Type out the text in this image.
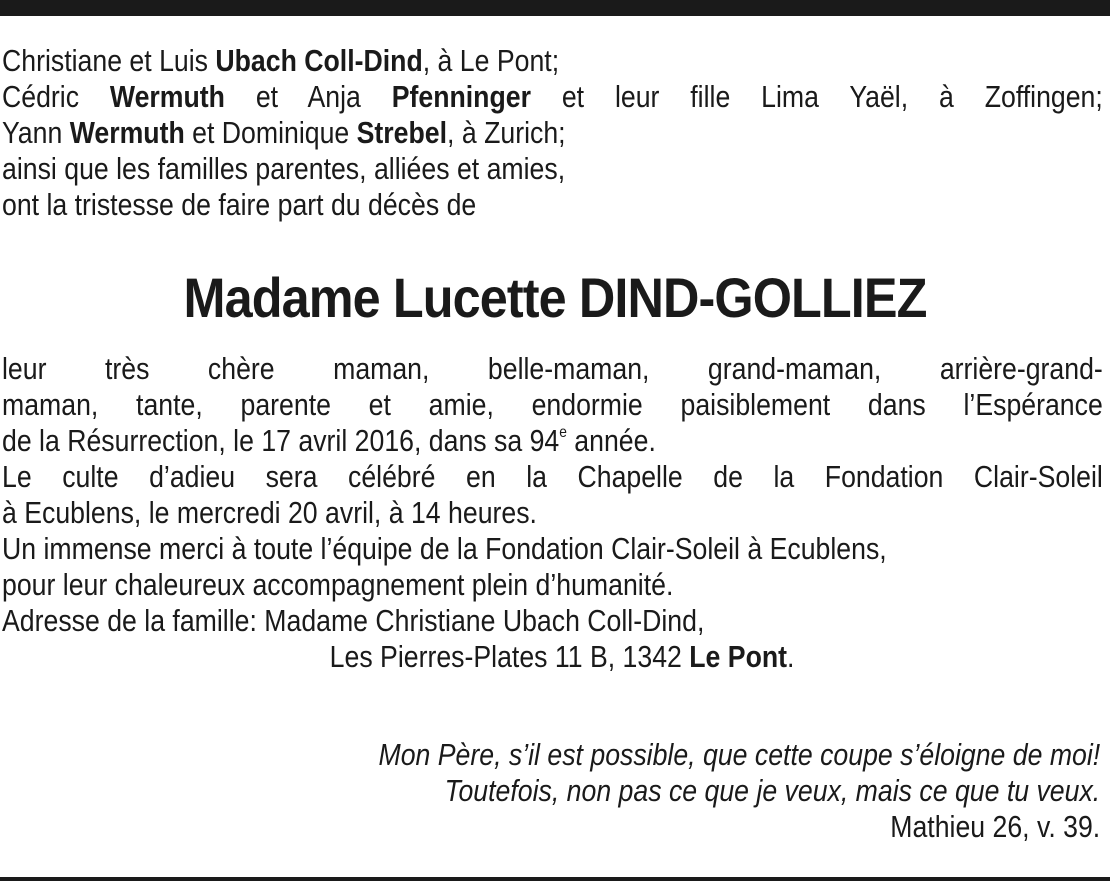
Christiane et Luis Ubach Coll-Dind, à Le Pont;
Cédric Wermuth et Anja Pfenninger et leur fille Lima Yaël, à Zoffingen;
Yann Wermuth et Dominique Strebel, à Zurich;
ainsi que les familles parentes, alliées et amies,
ont la tristesse de faire part du décès de
Madame Lucette DIND-GOLLIEZ
leur très chère maman, belle-maman, grand-maman, arrière-grand-
maman, tante, parente et amie, endormie paisiblement dans l’Espérance
de la Résurrection, le 17 avril 2016, dans sa 94e année.
Le culte d’adieu sera célébré en la Chapelle de la Fondation Clair-Soleil
à Ecublens, le mercredi 20 avril, à 14 heures.
Un immense merci à toute l’équipe de la Fondation Clair-Soleil à Ecublens,
pour leur chaleureux accompagnement plein d’humanité.
Adresse de la famille: Madame Christiane Ubach Coll-Dind,
Les Pierres-Plates 11 B, 1342 Le Pont.
Mon Père, s’il est possible, que cette coupe s’éloigne de moi!
Toutefois, non pas ce que je veux, mais ce que tu veux.
Mathieu 26, v. 39.
